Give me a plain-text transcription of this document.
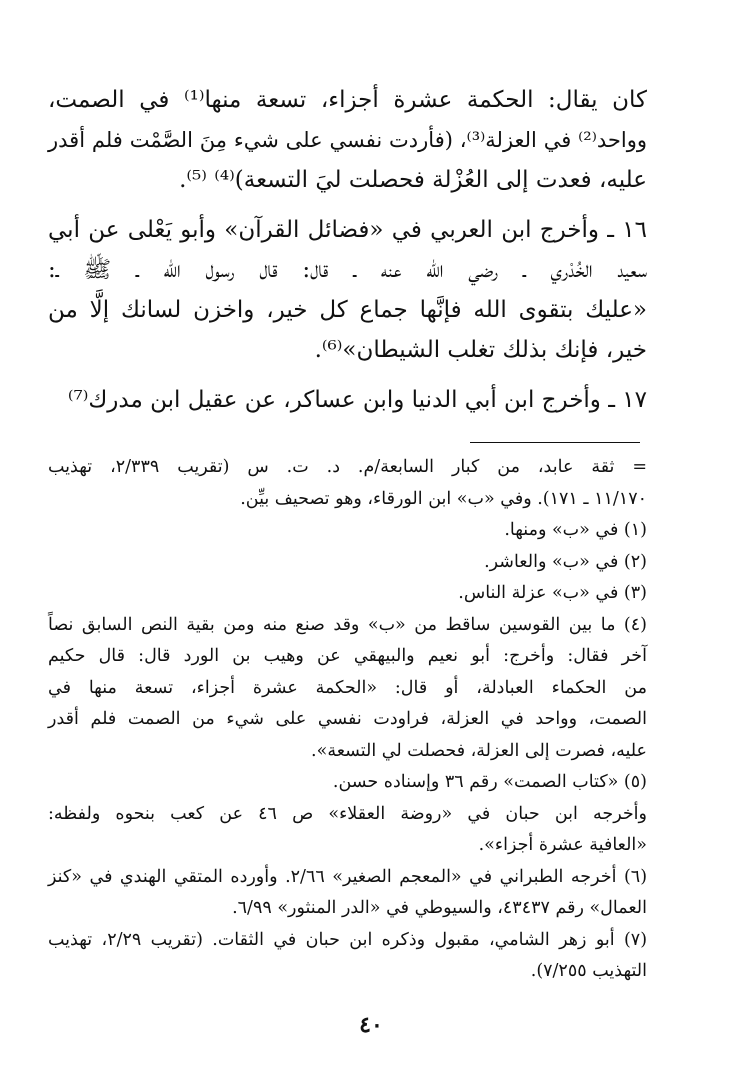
كان يقال: الحكمة عشرة أجزاء، تسعة منها⁽¹⁾ في الصمت،
وواحد⁽²⁾ في العزلة⁽³⁾، (فأردت نفسي على شيء مِنَ الصَّمْت فلم أقدر
عليه، فعدت إلى العُزْلة فحصلت ليَ التسعة)⁽⁴⁾ ⁽⁵⁾.
١٦ ـ وأخرج ابن العربي في «فضائل القرآن» وأبو يَعْلى عن أبي
سعيد الخُدْري ـ رضي الله عنه ـ قال: قال رسول الله ـ ﷺ ـ:
«عليك بتقوى الله فإنَّها جماع كل خير، واخزن لسانك إلَّا من
خير، فإنك بذلك تغلب الشيطان»⁽⁶⁾.
١٧ ـ وأخرج ابن أبي الدنيا وابن عساكر، عن عقيل ابن مدرك⁽⁷⁾
= ثقة عابد، من كبار السابعة/م. د. ت. س (تقريب ٢/٣٣٩، تهذيب
١١/١٧٠ ـ ١٧١). وفي «ب» ابن الورقاء، وهو تصحيف بيِّن.
(١) في «ب» ومنها.
(٢) في «ب» والعاشر.
(٣) في «ب» عزلة الناس.
(٤) ما بين القوسين ساقط من «ب» وقد صنع منه ومن بقية النص السابق نصاً
آخر فقال: وأخرج: أبو نعيم والبيهقي عن وهيب بن الورد قال: قال حكيم
من الحكماء العبادلة، أو قال: «الحكمة عشرة أجزاء، تسعة منها في
الصمت، وواحد في العزلة، فراودت نفسي على شيء من الصمت فلم أقدر
عليه، فصرت إلى العزلة، فحصلت لي التسعة».
(٥) «كتاب الصمت» رقم ٣٦ وإسناده حسن.
وأخرجه ابن حبان في «روضة العقلاء» ص ٤٦ عن كعب بنحوه ولفظه:
«العافية عشرة أجزاء».
(٦) أخرجه الطبراني في «المعجم الصغير» ٢/٦٦. وأورده المتقي الهندي في «كنز
العمال» رقم ٤٣٤٣٧، والسيوطي في «الدر المنثور» ٦/٩٩.
(٧) أبو زهر الشامي، مقبول وذكره ابن حبان في الثقات. (تقريب ٢/٢٩، تهذيب
التهذيب ٧/٢٥٥).
٤٠
